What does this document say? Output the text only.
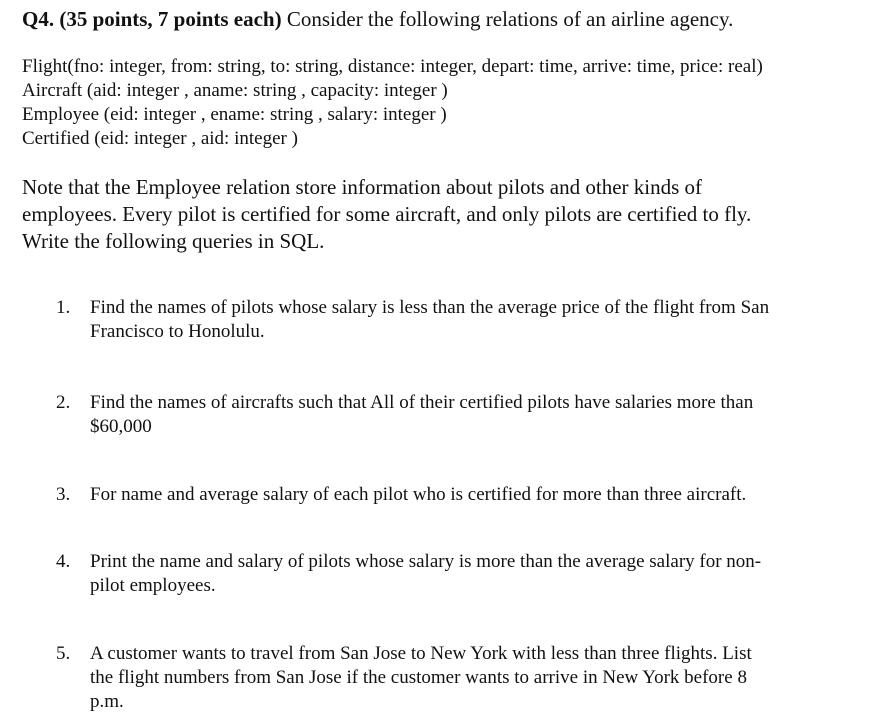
Q4. (35 points, 7 points each) Consider the following relations of an airline agency.
Flight(fno: integer, from: string, to: string, distance: integer, depart: time, arrive: time, price: real)
Aircraft (aid: integer , aname: string , capacity: integer )
Employee (eid: integer , ename: string , salary: integer )
Certified (eid: integer , aid: integer )
Note that the Employee relation store information about pilots and other kinds of
employees. Every pilot is certified for some aircraft, and only pilots are certified to fly.
Write the following queries in SQL.
1.	Find the names of pilots whose salary is less than the average price of the flight from San
Francisco to Honolulu.
2.	Find the names of aircrafts such that All of their certified pilots have salaries more than
$60,000
3.	For name and average salary of each pilot who is certified for more than three aircraft.
4.	Print the name and salary of pilots whose salary is more than the average salary for non-
pilot employees.
5.	A customer wants to travel from San Jose to New York with less than three flights. List
the flight numbers from San Jose if the customer wants to arrive in New York before 8
p.m.
